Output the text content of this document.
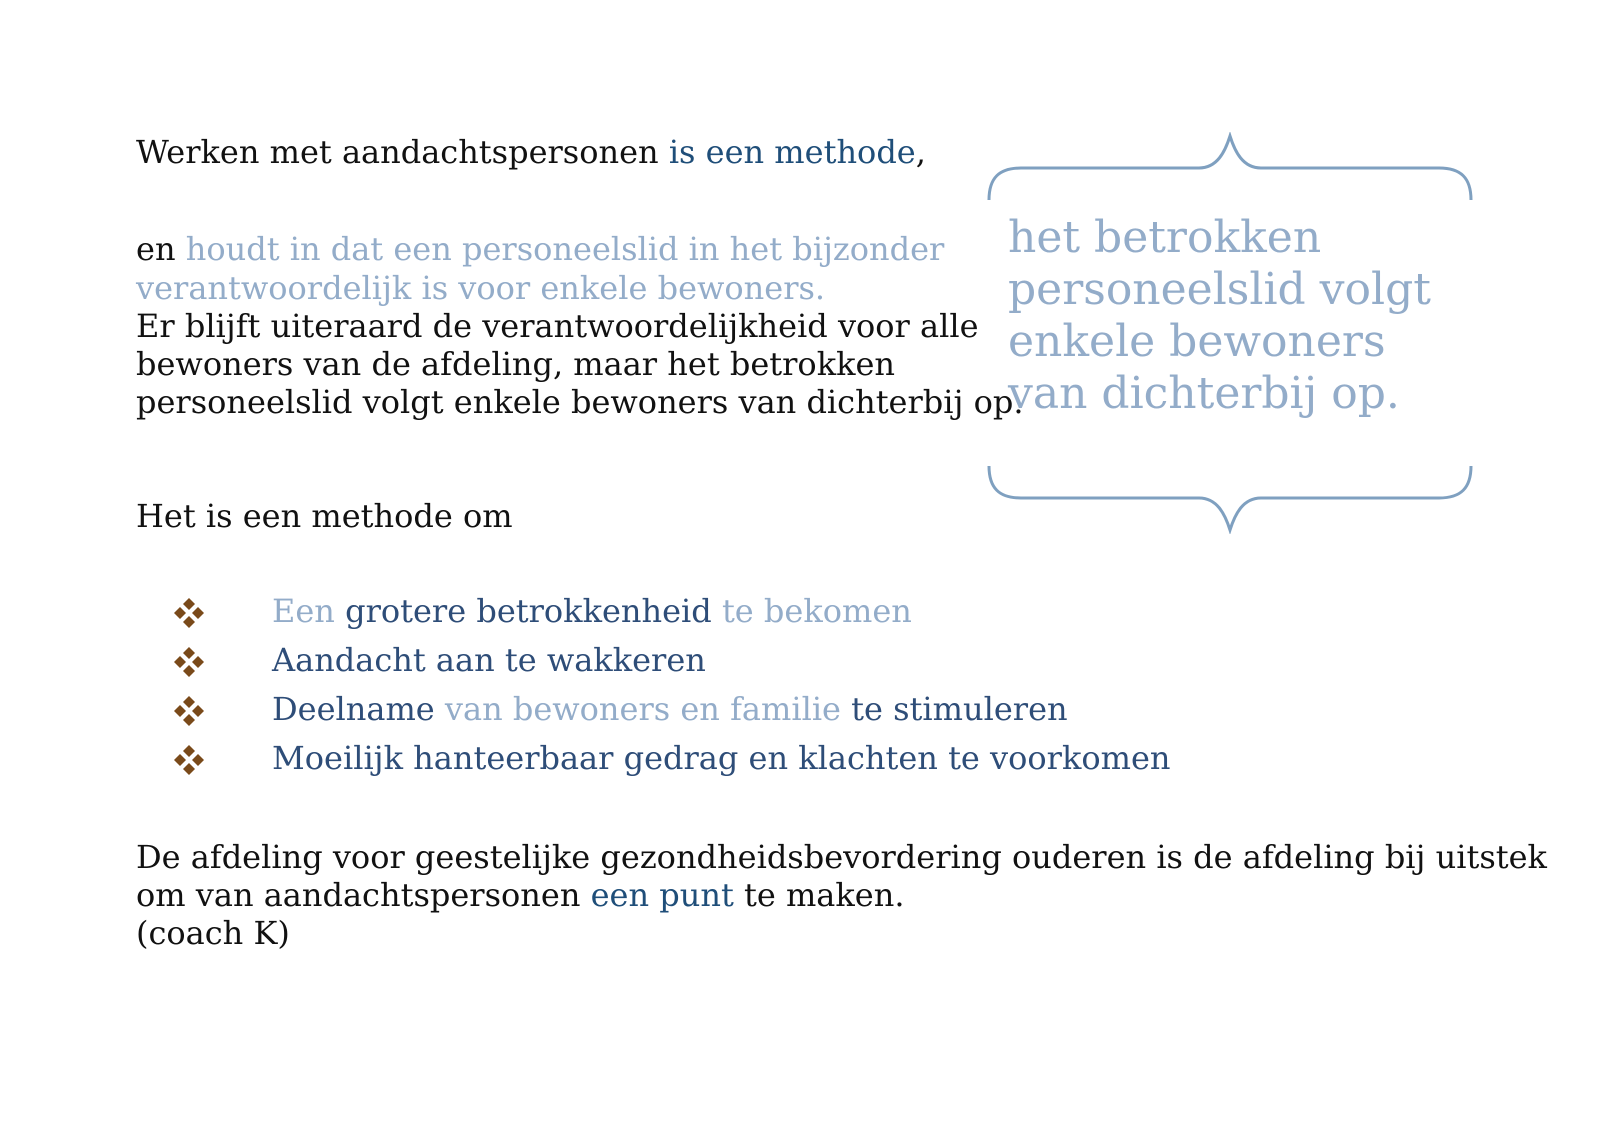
Werken met aandachtspersonen is een methode,

en houdt in dat een personeelslid in het bijzonder

verantwoordelijk is voor enkele bewoners.

Er blijft uiteraard de verantwoordelijkheid voor alle

bewoners van de afdeling, maar het betrokken

personeelslid volgt enkele bewoners van dichterbij op.

het betrokken personeelslid volgt enkele bewoners van dichterbij op.

Het is een methode om

Een grotere betrokkenheid te bekomen
Aandacht aan te wakkeren
Deelname van bewoners en familie te stimuleren
Moeilijk hanteerbaar gedrag en klachten te voorkomen

De afdeling voor geestelijke gezondheidsbevordering ouderen is de afdeling bij uitstek

om van aandachtspersonen een punt te maken.

(coach K)
